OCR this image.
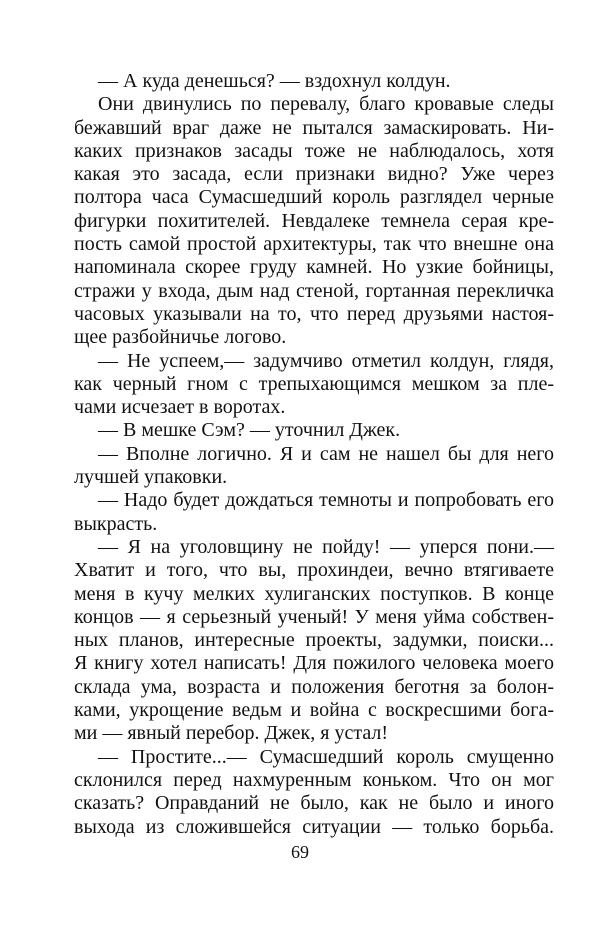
— А куда денешься? — вздохнул колдун.
Они двинулись по перевалу, благо кровавые следы
бежавший враг даже не пытался замаскировать. Ни-
каких признаков засады тоже не наблюдалось, хотя
какая это засада, если признаки видно? Уже через
полтора часа Сумасшедший король разглядел черные
фигурки похитителей. Невдалеке темнела серая кре-
пость самой простой архитектуры, так что внешне она
напоминала скорее груду камней. Но узкие бойницы,
стражи у входа, дым над стеной, гортанная перекличка
часовых указывали на то, что перед друзьями настоя-
щее разбойничье логово.
— Не успеем,— задумчиво отметил колдун, глядя,
как черный гном с трепыхающимся мешком за пле-
чами исчезает в воротах.
— В мешке Сэм? — уточнил Джек.
— Вполне логично. Я и сам не нашел бы для него
лучшей упаковки.
— Надо будет дождаться темноты и попробовать его
выкрасть.
— Я на уголовщину не пойду! — уперся пони.—
Хватит и того, что вы, прохиндеи, вечно втягиваете
меня в кучу мелких хулиганских поступков. В конце
концов — я серьезный ученый! У меня уйма собствен-
ных планов, интересные проекты, задумки, поиски...
Я книгу хотел написать! Для пожилого человека моего
склада ума, возраста и положения беготня за болон-
ками, укрощение ведьм и война с воскресшими бога-
ми — явный перебор. Джек, я устал!
— Простите...— Сумасшедший король смущенно
склонился перед нахмуренным коньком. Что он мог
сказать? Оправданий не было, как не было и иного
выхода из сложившейся ситуации — только борьба.
69
